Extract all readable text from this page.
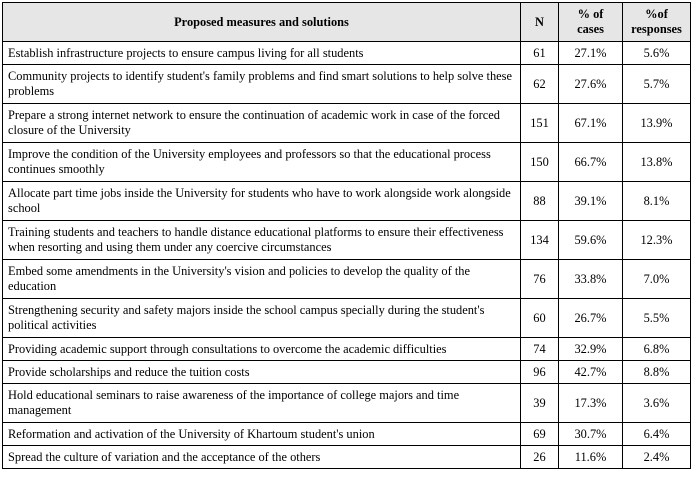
Proposed measures and solutions	N	% of cases	%of responses
Establish infrastructure projects to ensure campus living for all students	61	27.1%	5.6%
Community projects to identify student's family problems and find smart solutions to help solve these problems	62	27.6%	5.7%
Prepare a strong internet network to ensure the continuation of academic work in case of the forced closure of the University	151	67.1%	13.9%
Improve the condition of the University employees and professors so that the educational process continues smoothly	150	66.7%	13.8%
Allocate part time jobs inside the University for students who have to work alongside work alongside school	88	39.1%	8.1%
Training students and teachers to handle distance educational platforms to ensure their effectiveness when resorting and using them under any coercive circumstances	134	59.6%	12.3%
Embed some amendments in the University's vision and policies to develop the quality of the education	76	33.8%	7.0%
Strengthening security and safety majors inside the school campus specially during the student's political activities	60	26.7%	5.5%
Providing academic support through consultations to overcome the academic difficulties	74	32.9%	6.8%
Provide scholarships and reduce the tuition costs	96	42.7%	8.8%
Hold educational seminars to raise awareness of the importance of college majors and time management	39	17.3%	3.6%
Reformation and activation of the University of Khartoum student's union	69	30.7%	6.4%
Spread the culture of variation and the acceptance of the others	26	11.6%	2.4%
